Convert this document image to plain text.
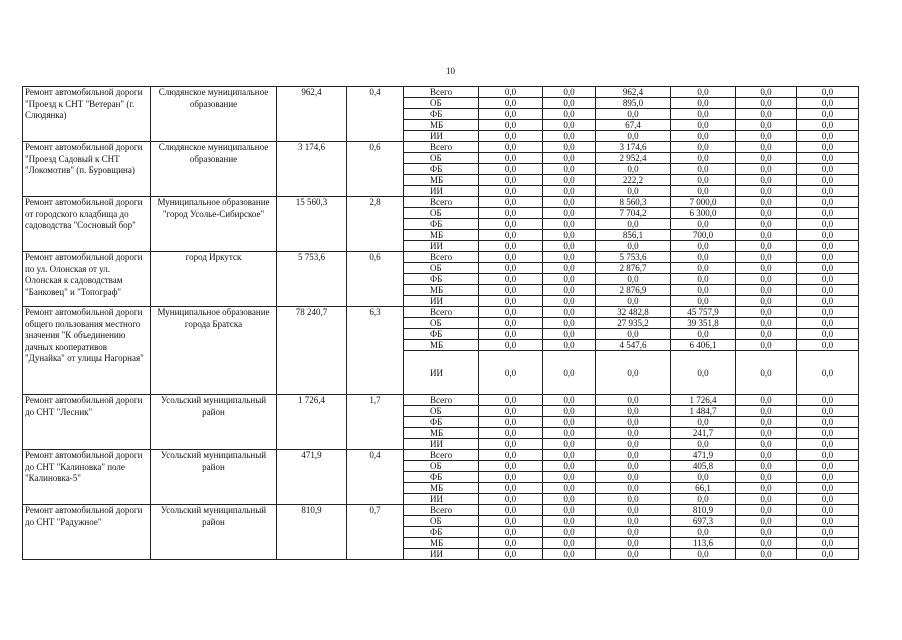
10
Ремонт автомобильной дороги "Проезд к СНТ "Ветеран" (г. Слюдянка)	Слюдянское муниципальное образование	962,4	0,4	Всего	0,0	0,0	962,4	0,0	0,0	0,0
				ОБ	0,0	0,0	895,0	0,0	0,0	0,0
				ФБ	0,0	0,0	0,0	0,0	0,0	0,0
				МБ	0,0	0,0	67,4	0,0	0,0	0,0
				ИИ	0,0	0,0	0,0	0,0	0,0	0,0
Ремонт автомобильной дороги "Проезд Садовый к СНТ "Локомотив" (п. Буровщина)	Слюдянское муниципальное образование	3 174,6	0,6	Всего	0,0	0,0	3 174,6	0,0	0,0	0,0
				ОБ	0,0	0,0	2 952,4	0,0	0,0	0,0
				ФБ	0,0	0,0	0,0	0,0	0,0	0,0
				МБ	0,0	0,0	222,2	0,0	0,0	0,0
				ИИ	0,0	0,0	0,0	0,0	0,0	0,0
Ремонт автомобильной дороги от городского кладбища до садоводства "Сосновый бор"	Муниципальное образование "город Усолье-Сибирское"	15 560,3	2,8	Всего	0,0	0,0	8 560,3	7 000,0	0,0	0,0
				ОБ	0,0	0,0	7 704,2	6 300,0	0,0	0,0
				ФБ	0,0	0,0	0,0	0,0	0,0	0,0
				МБ	0,0	0,0	856,1	700,0	0,0	0,0
				ИИ	0,0	0,0	0,0	0,0	0,0	0,0
Ремонт автомобильной дороги по ул. Олонская от ул. Олонская к садоводствам "Банковец" и "Топограф"	город Иркутск	5 753,6	0,6	Всего	0,0	0,0	5 753,6	0,0	0,0	0,0
				ОБ	0,0	0,0	2 876,7	0,0	0,0	0,0
				ФБ	0,0	0,0	0,0	0,0	0,0	0,0
				МБ	0,0	0,0	2 876,9	0,0	0,0	0,0
				ИИ	0,0	0,0	0,0	0,0	0,0	0,0
Ремонт автомобильной дороги общего пользования местного значения "К объединению дачных кооперативов "Дунайка" от улицы Нагорная"	Муниципальное образование города Братска	78 240,7	6,3	Всего	0,0	0,0	32 482,8	45 757,9	0,0	0,0
				ОБ	0,0	0,0	27 935,2	39 351,8	0,0	0,0
				ФБ	0,0	0,0	0,0	0,0	0,0	0,0
				МБ	0,0	0,0	4 547,6	6 406,1	0,0	0,0
				ИИ	0,0	0,0	0,0	0,0	0,0	0,0
Ремонт автомобильной дороги до СНТ "Лесник"	Усольский муниципальный район	1 726,4	1,7	Всего	0,0	0,0	0,0	1 726,4	0,0	0,0
				ОБ	0,0	0,0	0,0	1 484,7	0,0	0,0
				ФБ	0,0	0,0	0,0	0,0	0,0	0,0
				МБ	0,0	0,0	0,0	241,7	0,0	0,0
				ИИ	0,0	0,0	0,0	0,0	0,0	0,0
Ремонт автомобильной дороги до СНТ "Калиновка" поле "Калиновка-5"	Усольский муниципальный район	471,9	0,4	Всего	0,0	0,0	0,0	471,9	0,0	0,0
				ОБ	0,0	0,0	0,0	405,8	0,0	0,0
				ФБ	0,0	0,0	0,0	0,0	0,0	0,0
				МБ	0,0	0,0	0,0	66,1	0,0	0,0
				ИИ	0,0	0,0	0,0	0,0	0,0	0,0
Ремонт автомобильной дороги до СНТ "Радужное"	Усольский муниципальный район	810,9	0,7	Всего	0,0	0,0	0,0	810,9	0,0	0,0
				ОБ	0,0	0,0	0,0	697,3	0,0	0,0
				ФБ	0,0	0,0	0,0	0,0	0,0	0,0
				МБ	0,0	0,0	0,0	113,6	0,0	0,0
				ИИ	0,0	0,0	0,0	0,0	0,0	0,0
